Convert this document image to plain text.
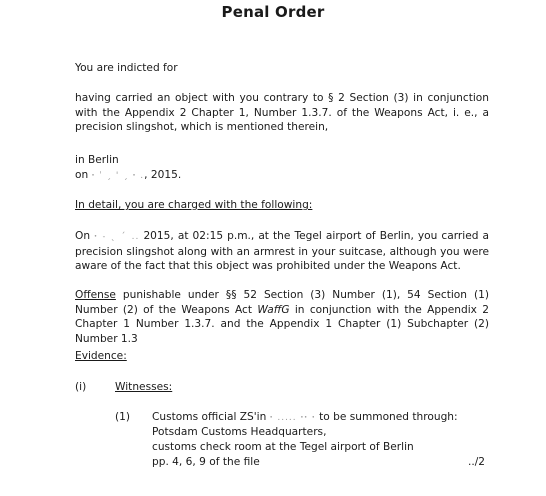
Penal Order
You are indicted for
having carried an object with you contrary to § 2 Section (3) in conjunction with the Appendix 2 Chapter 1, Number 1.3.7. of the Weapons Act, i. e., a precision slingshot, which is mentioned therein,
in Berlin
on ꞏ ˈ ˏ ꞌ ˏ ꞏ ., 2015.
In detail, you are charged with the following:
On ꞏ ˗ ˎ ˊ .. 2015, at 02:15 p.m., at the Tegel airport of Berlin, you carried a precision slingshot along with an armrest in your suitcase, although you were aware of the fact that this object was prohibited under the Weapons Act.
Offense punishable under §§ 52 Section (3) Number (1), 54 Section (1) Number (2) of the Weapons Act WaffG in conjunction with the Appendix 2 Chapter 1 Number 1.3.7. and the Appendix 1 Chapter (1) Subchapter (2) Number 1.3
Evidence:
(i)	Witnesses:
(1) Customs official ZS'in ꞏ ..... ꞏꞏ ꞏ to be summoned through:
Potsdam Customs Headquarters,
customs check room at the Tegel airport of Berlin
pp. 4, 6, 9 of the file	../2
